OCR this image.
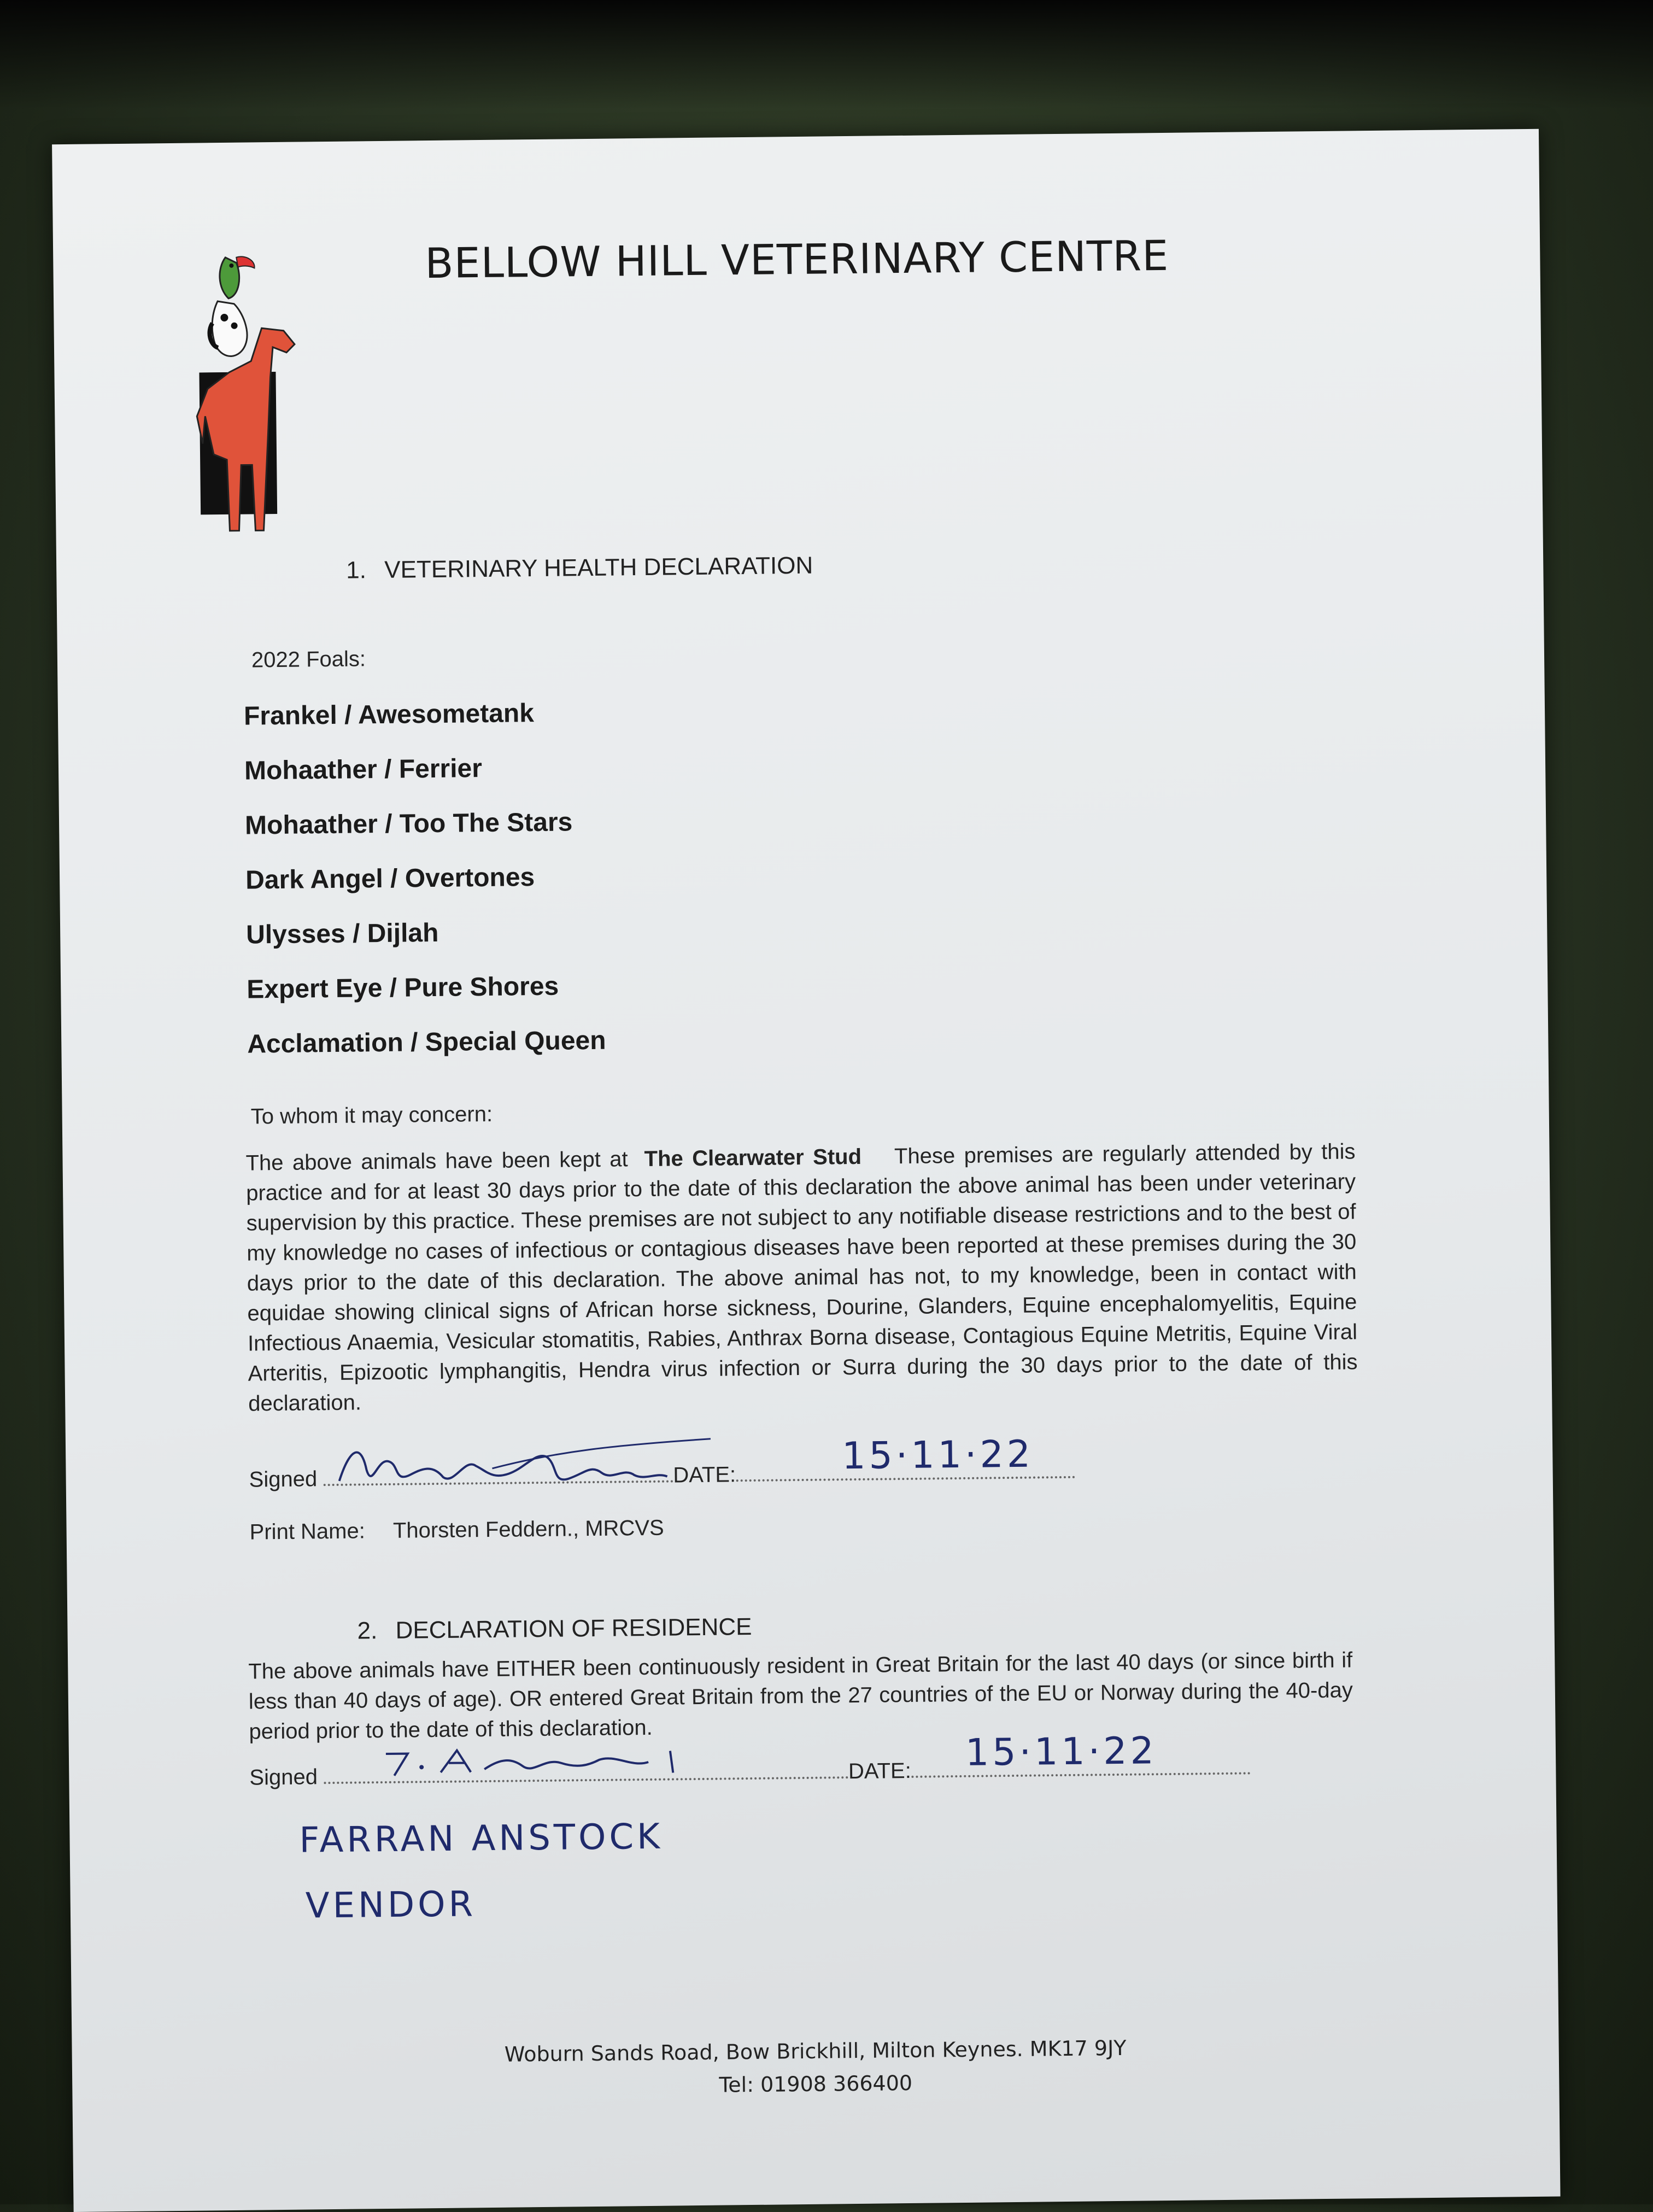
BELLOW HILL VETERINARY CENTRE
1. VETERINARY HEALTH DECLARATION
2022 Foals:
Frankel / Awesometank
Mohaather / Ferrier
Mohaather / Too The Stars
Dark Angel / Overtones
Ulysses / Dijlah
Expert Eye / Pure Shores
Acclamation / Special Queen
To whom it may concern:
The above animals have been kept at The Clearwater Stud These premises are regularly attended by this practice and for at least 30 days prior to the date of this declaration the above animal has been under veterinary supervision by this practice. These premises are not subject to any notifiable disease restrictions and to the best of my knowledge no cases of infectious or contagious diseases have been reported at these premises during the 30 days prior to the date of this declaration. The above animal has not, to my knowledge, been in contact with equidae showing clinical signs of African horse sickness, Dourine, Glanders, Equine encephalomyelitis, Equine Infectious Anaemia, Vesicular stomatitis, Rabies, Anthrax Borna disease, Contagious Equine Metritis, Equine Viral Arteritis, Epizootic lymphangitis, Hendra virus infection or Surra during the 30 days prior to the date of this declaration.
Signed	DATE:	15·11·22
Print Name: Thorsten Feddern., MRCVS
2. DECLARATION OF RESIDENCE
The above animals have EITHER been continuously resident in Great Britain for the last 40 days (or since birth if less than 40 days of age). OR entered Great Britain from the 27 countries of the EU or Norway during the 40-day period prior to the date of this declaration.
Signed	DATE:	15·11·22
FARRAN ANSTOCK
VENDOR
Woburn Sands Road, Bow Brickhill, Milton Keynes. MK17 9JY
Tel: 01908 366400
